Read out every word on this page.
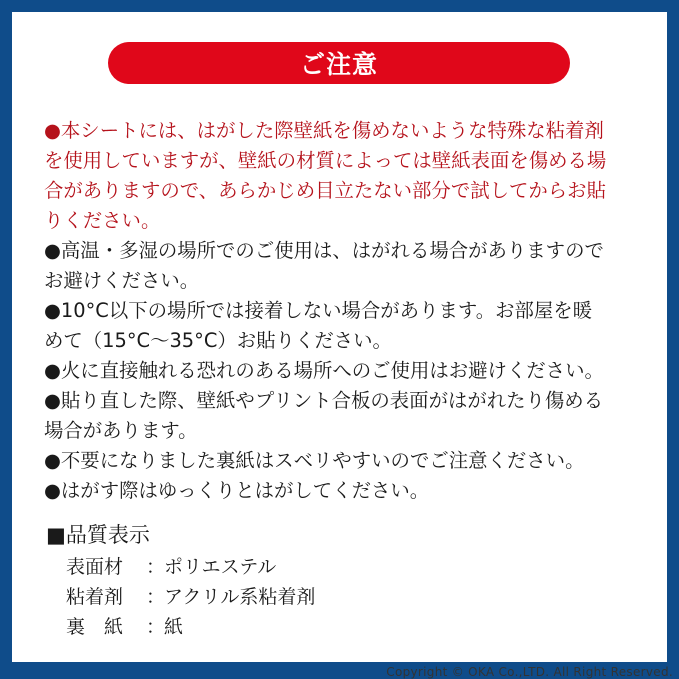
ご注意

●本シートには、はがした際壁紙を傷めないような特殊な粘着剤
を使用していますが、壁紙の材質によっては壁紙表面を傷める場
合がありますので、あらかじめ目立たない部分で試してからお貼
りください。

●高温・多湿の場所でのご使用は、はがれる場合がありますので
お避けください。

●10°C以下の場所では接着しない場合があります。お部屋を暖
めて（15°C〜35°C）お貼りください。

●火に直接触れる恐れのある場所へのご使用はお避けください。

●貼り直した際、壁紙やプリント合板の表面がはがれたり傷める
場合があります。

●不要になりました裏紙はスベリやすいのでご注意ください。

●はがす際はゆっくりとはがしてください。

■品質表示

表面材	：
ポリエステル
粘着剤	：
アクリル系粘着剤
裏　紙	：
紙
Copyright © OKA Co.,LTD. All Right Reserved.
